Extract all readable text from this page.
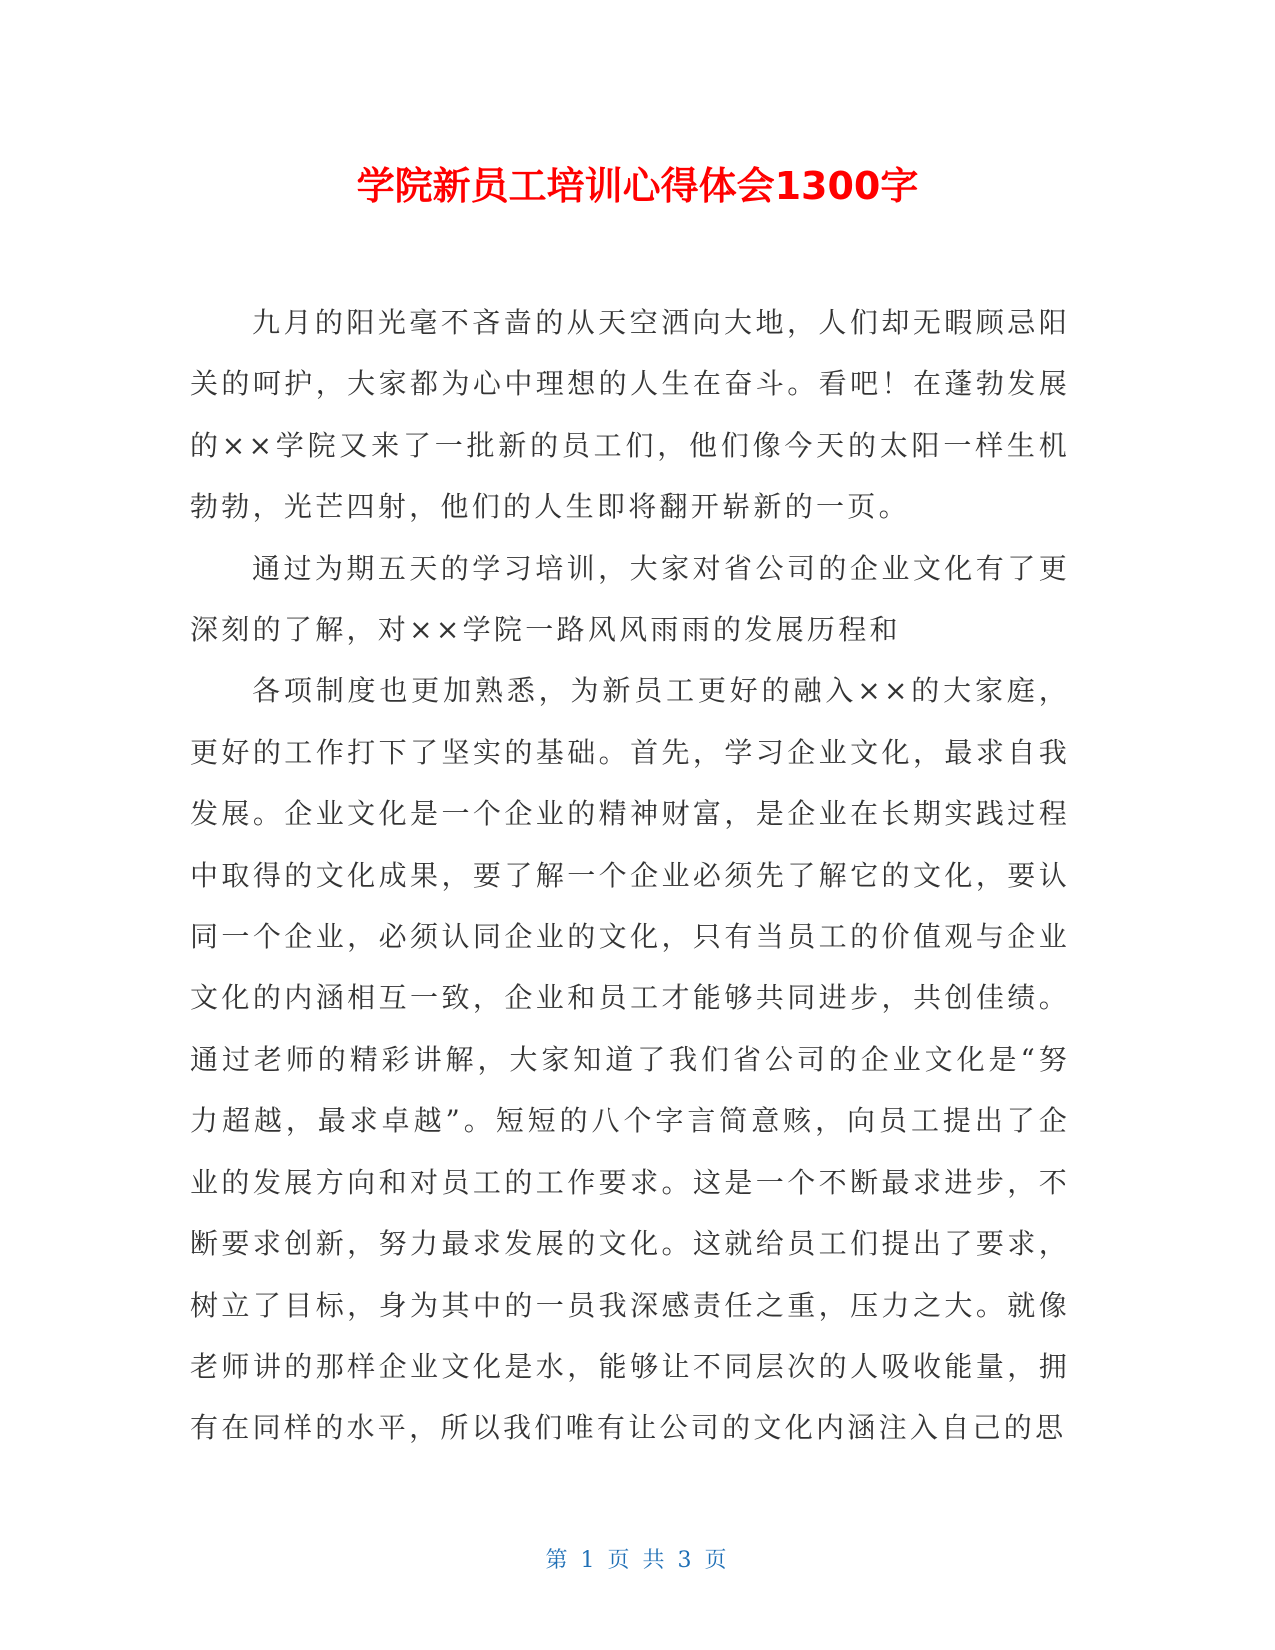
学院新员工培训心得体会1300字

九月的阳光毫不吝啬的从天空洒向大地，人们却无暇顾忌阳关的呵护，大家都为心中理想的人生在奋斗。看吧！在蓬勃发展的××学院又来了一批新的员工们，他们像今天的太阳一样生机勃勃，光芒四射，他们的人生即将翻开崭新的一页。

通过为期五天的学习培训，大家对省公司的企业文化有了更深刻的了解，对××学院一路风风雨雨的发展历程和

各项制度也更加熟悉，为新员工更好的融入××的大家庭，更好的工作打下了坚实的基础。首先，学习企业文化，最求自我发展。企业文化是一个企业的精神财富，是企业在长期实践过程中取得的文化成果，要了解一个企业必须先了解它的文化，要认同一个企业，必须认同企业的文化，只有当员工的价值观与企业文化的内涵相互一致，企业和员工才能够共同进步，共创佳绩。通过老师的精彩讲解，大家知道了我们省公司的企业文化是“努力超越，最求卓越”。短短的八个字言简意赅，向员工提出了企业的发展方向和对员工的工作要求。这是一个不断最求进步，不断要求创新，努力最求发展的文化。这就给员工们提出了要求，树立了目标，身为其中的一员我深感责任之重，压力之大。就像老师讲的那样企业文化是水，能够让不同层次的人吸收能量，拥有在同样的水平，所以我们唯有让公司的文化内涵注入自己的思

第 1 页 共 3 页
